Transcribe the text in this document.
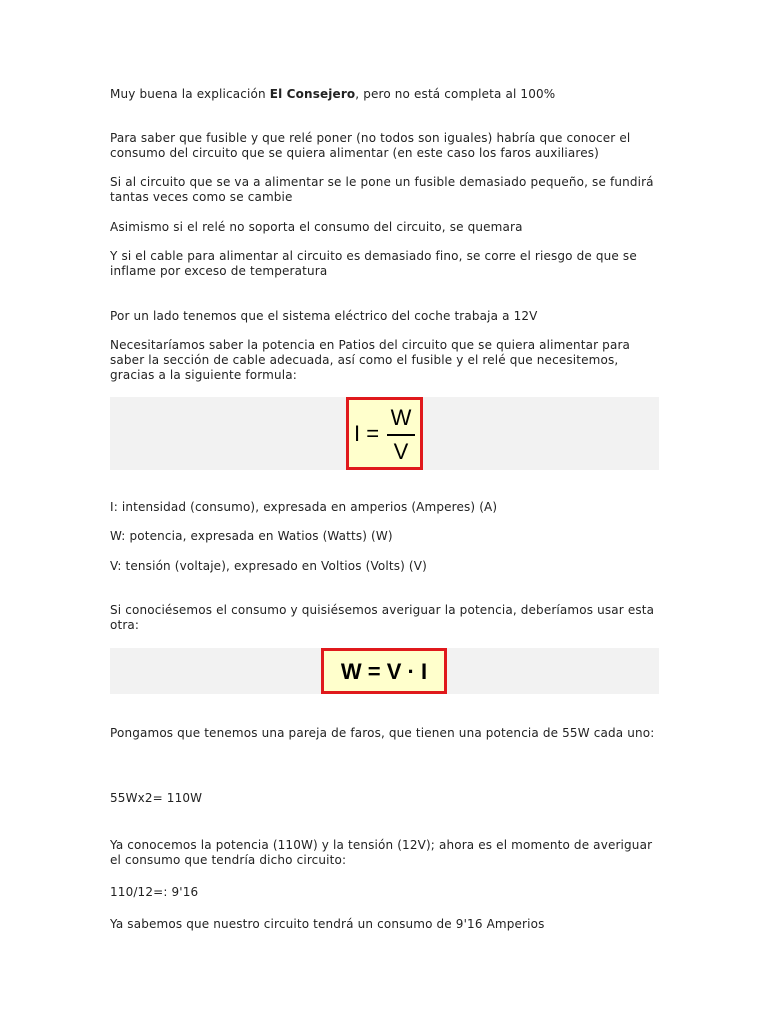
Muy buena la explicación El Consejero, pero no está completa al 100%

Para saber que fusible y que relé poner (no todos son iguales) habría que conocer el consumo del circuito que se quiera alimentar (en este caso los faros auxiliares)

Si al circuito que se va a alimentar se le pone un fusible demasiado pequeño, se fundirá tantas veces como se cambie

Asimismo si el relé no soporta el consumo del circuito, se quemara

Y si el cable para alimentar al circuito es demasiado fino, se corre el riesgo de que se inflame por exceso de temperatura

Por un lado tenemos que el sistema eléctrico del coche trabaja a 12V

Necesitaríamos saber la potencia en Patios del circuito que se quiera alimentar para saber la sección de cable adecuada, así como el fusible y el relé que necesitemos, gracias a la siguiente formula:

I =
W
V

I: intensidad (consumo), expresada en amperios (Amperes) (A)

W: potencia, expresada en Watios (Watts) (W)

V: tensión (voltaje), expresado en Voltios (Volts) (V)

Si conociésemos el consumo y quisiésemos averiguar la potencia, deberíamos usar esta otra:

W = V · I

Pongamos que tenemos una pareja de faros, que tienen una potencia de 55W cada uno:

55Wx2= 110W

Ya conocemos la potencia (110W) y la tensión (12V); ahora es el momento de averiguar el consumo que tendría dicho circuito:

110/12=: 9'16

Ya sabemos que nuestro circuito tendrá un consumo de 9'16 Amperios
